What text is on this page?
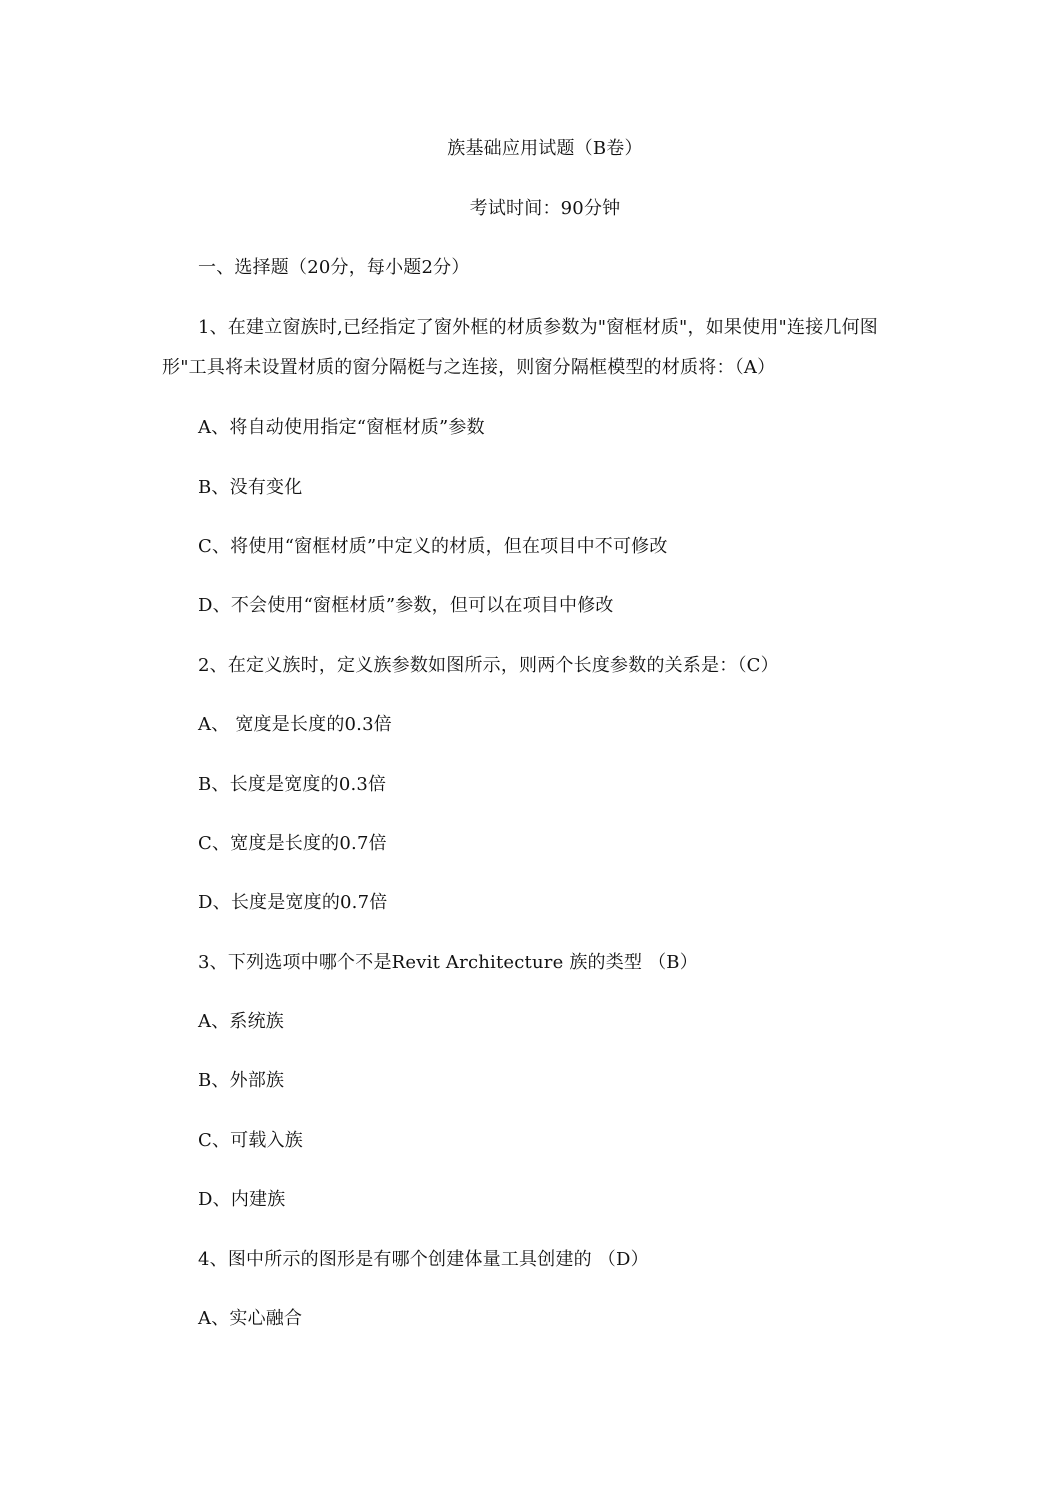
族基础应用试题（B卷）
考试时间：90分钟
一、选择题（20分，每小题2分）
1、在建立窗族时,已经指定了窗外框的材质参数为"窗框材质"，如果使用"连接几何图
形"工具将未设置材质的窗分隔梃与之连接，则窗分隔框模型的材质将：（A）
A、将自动使用指定“窗框材质”参数
B、没有变化
C、将使用“窗框材质”中定义的材质，但在项目中不可修改
D、不会使用“窗框材质”参数，但可以在项目中修改
2、在定义族时，定义族参数如图所示，则两个长度参数的关系是：（C）
A、 宽度是长度的0.3倍
B、长度是宽度的0.3倍
C、宽度是长度的0.7倍
D、长度是宽度的0.7倍
3、下列选项中哪个不是Revit Architecture 族的类型 （B）
A、系统族
B、外部族
C、可载入族
D、内建族
4、图中所示的图形是有哪个创建体量工具创建的 （D）
A、实心融合
